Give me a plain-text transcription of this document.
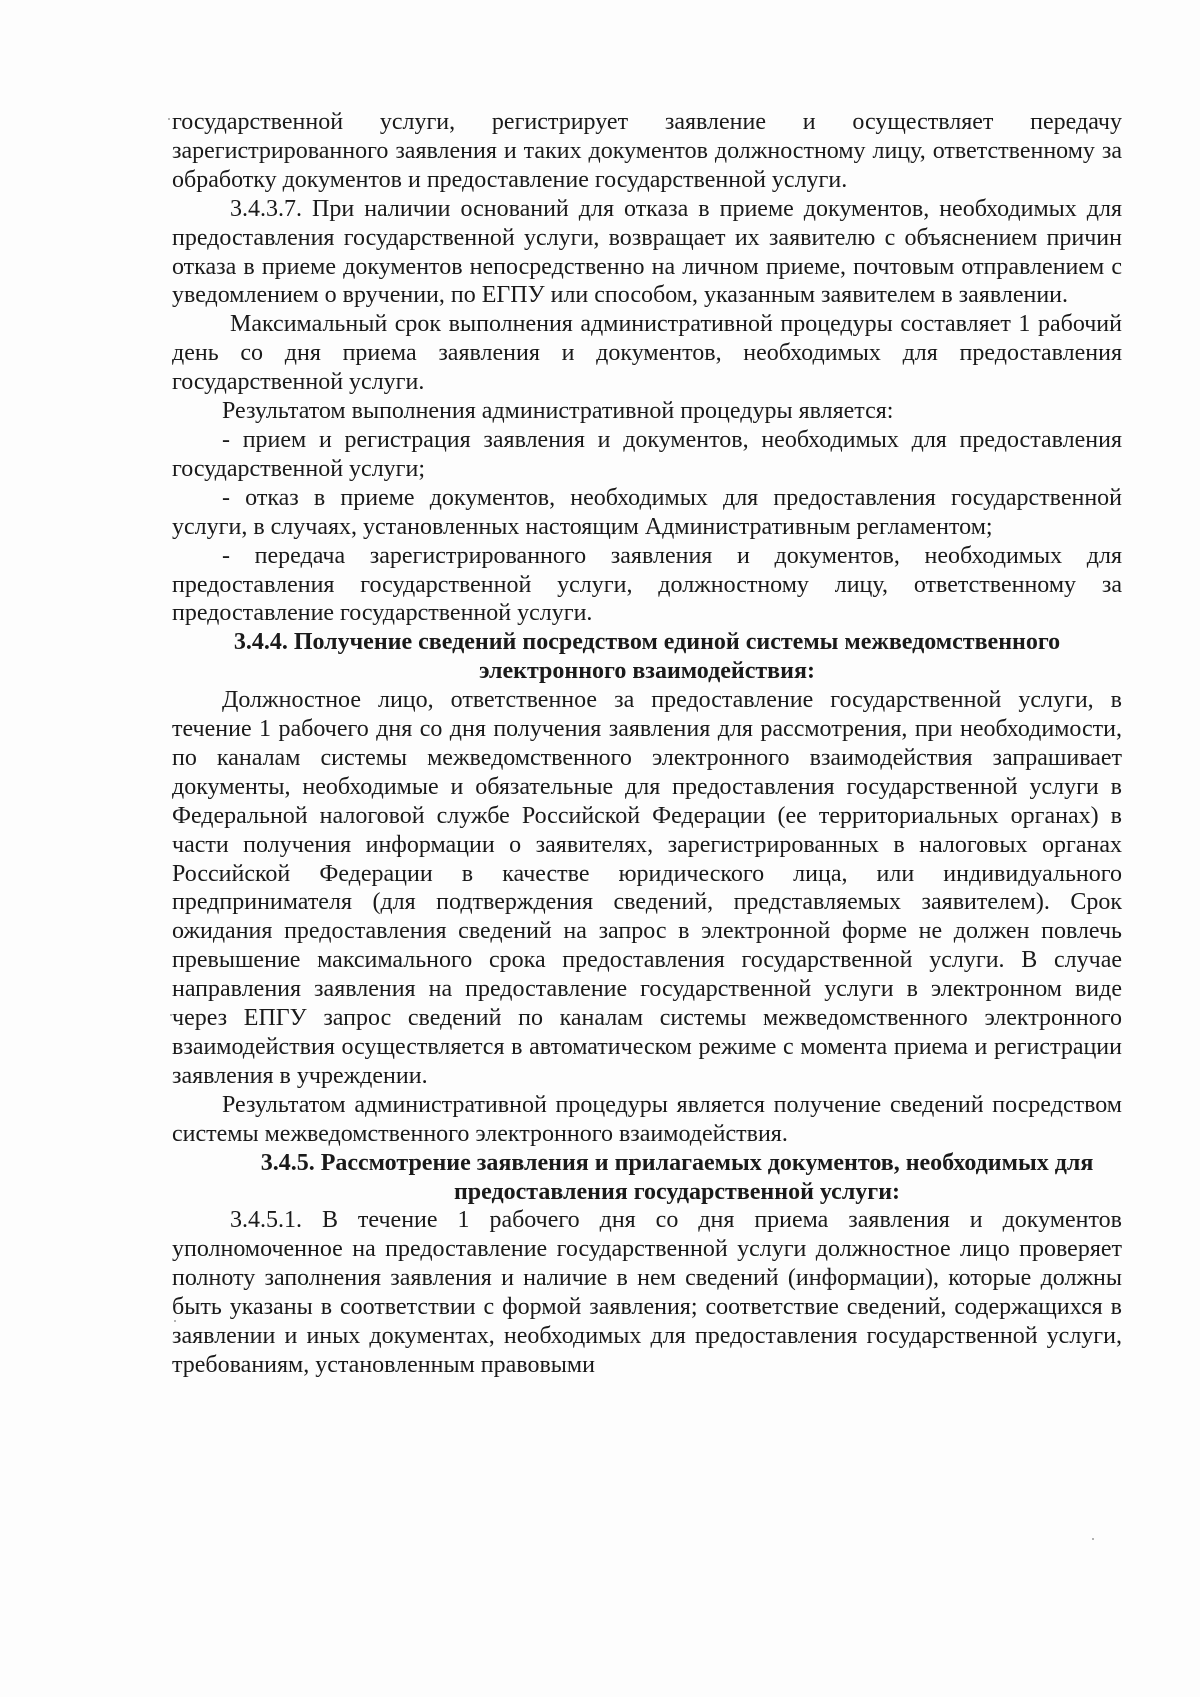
государственной услуги, регистрирует заявление и осуществляет передачу зарегистрированного заявления и таких документов должностному лицу, ответственному за обработку документов и предоставление государственной услуги.

3.4.3.7. При наличии оснований для отказа в приеме документов, необходимых для предоставления государственной услуги, возвращает их заявителю с объяснением причин отказа в приеме документов непосредственно на личном приеме, почтовым отправлением с уведомлением о вручении, по ЕГПУ или способом, указанным заявителем в заявлении.

Максимальный срок выполнения административной процедуры составляет 1 рабочий день со дня приема заявления и документов, необходимых для предоставления государственной услуги.

Результатом выполнения административной процедуры является:

- прием и регистрация заявления и документов, необходимых для предоставления государственной услуги;

- отказ в приеме документов, необходимых для предоставления государственной услуги, в случаях, установленных настоящим Административным регламентом;

- передача зарегистрированного заявления и документов, необходимых для предоставления государственной услуги, должностному лицу, ответственному за предоставление государственной услуги.

3.4.4. Получение сведений посредством единой системы межведомственного электронного взаимодействия:

Должностное лицо, ответственное за предоставление государственной услуги, в течение 1 рабочего дня со дня получения заявления для рассмотрения, при необходимости, по каналам системы межведомственного электронного взаимодействия запрашивает документы, необходимые и обязательные для предоставления государственной услуги в Федеральной налоговой службе Российской Федерации (ее территориальных органах) в части получения информации о заявителях, зарегистрированных в налоговых органах Российской Федерации в качестве юридического лица, или индивидуального предпринимателя (для подтверждения сведений, представляемых заявителем). Срок ожидания предоставления сведений на запрос в электронной форме не должен повлечь превышение максимального срока предоставления государственной услуги. В случае направления заявления на предоставление государственной услуги в электронном виде через ЕПГУ запрос сведений по каналам системы межведомственного электронного взаимодействия осуществляется в автоматическом режиме с момента приема и регистрации заявления в учреждении.

Результатом административной процедуры является получение сведений посредством системы межведомственного электронного взаимодействия.

3.4.5. Рассмотрение заявления и прилагаемых документов, необходимых для предоставления государственной услуги:

3.4.5.1. В течение 1 рабочего дня со дня приема заявления и документов уполномоченное на предоставление государственной услуги должностное лицо проверяет полноту заполнения заявления и наличие в нем сведений (информации), которые должны быть указаны в соответствии с формой заявления; соответствие сведений, содержащихся в заявлении и иных документах, необходимых для предоставления государственной услуги, требованиям, установленным правовыми
